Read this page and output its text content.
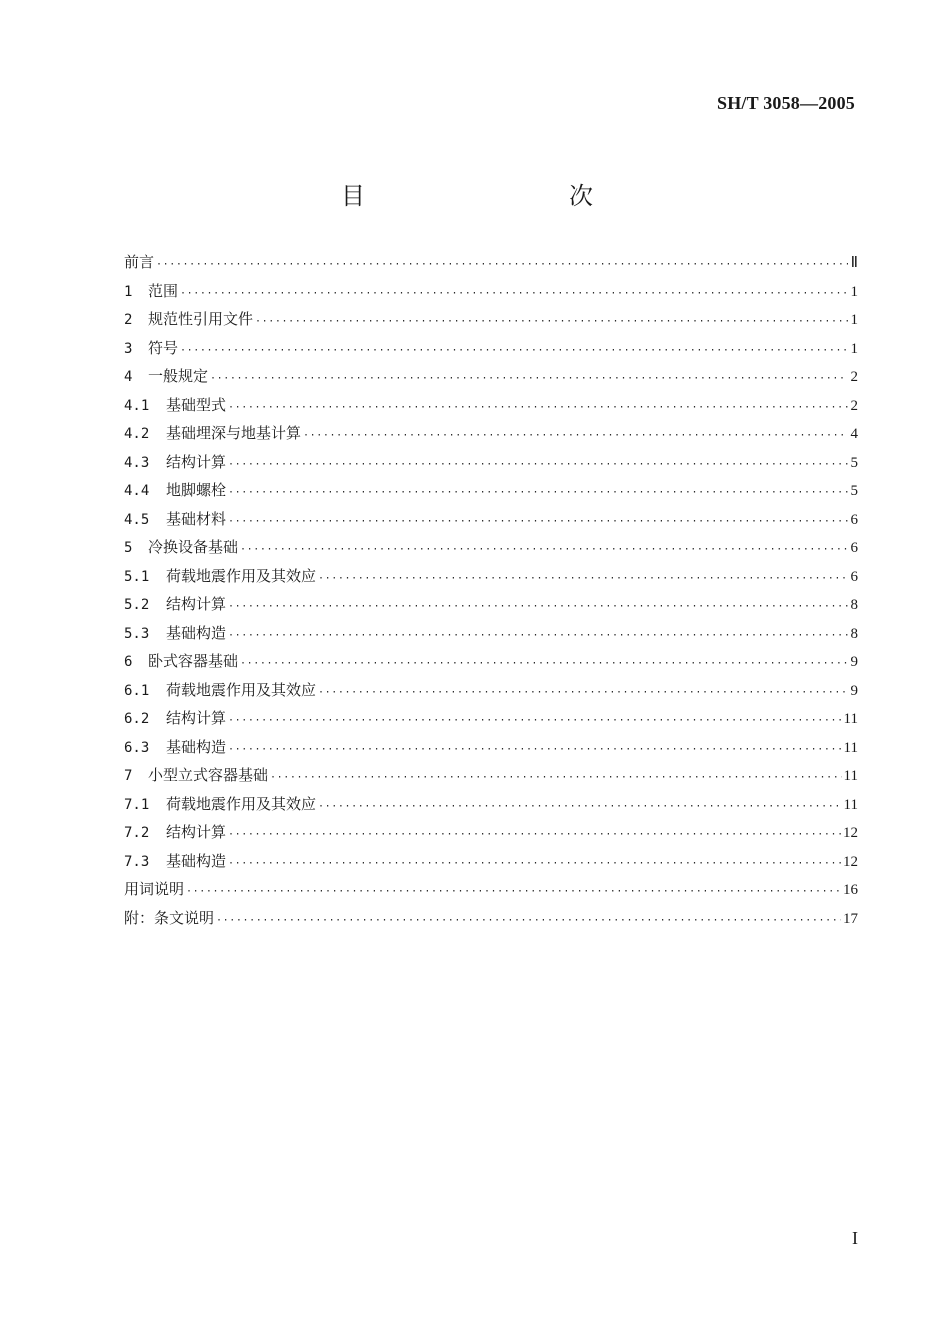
SH/T 3058—2005
目　　次
前言 ·····	Ⅱ
1	范围 ·····	1
2	规范性引用文件 ·····	1
3	符号 ·····	1
4	一般规定 ·····	2
4.1	基础型式 ·····	2
4.2	基础埋深与地基计算 ·····	4
4.3	结构计算 ·····	5
4.4	地脚螺栓 ·····	5
4.5	基础材料 ·····	6
5	冷换设备基础 ·····	6
5.1	荷载地震作用及其效应 ·····	6
5.2	结构计算 ·····	8
5.3	基础构造 ·····	8
6	卧式容器基础 ·····	9
6.1	荷载地震作用及其效应 ·····	9
6.2	结构计算 ·····	11
6.3	基础构造 ·····	11
7	小型立式容器基础 ·····	11
7.1	荷载地震作用及其效应 ·····	11
7.2	结构计算 ·····	12
7.3	基础构造 ·····	12
用词说明 ·····	16
附：条文说明 ·····	17
I
